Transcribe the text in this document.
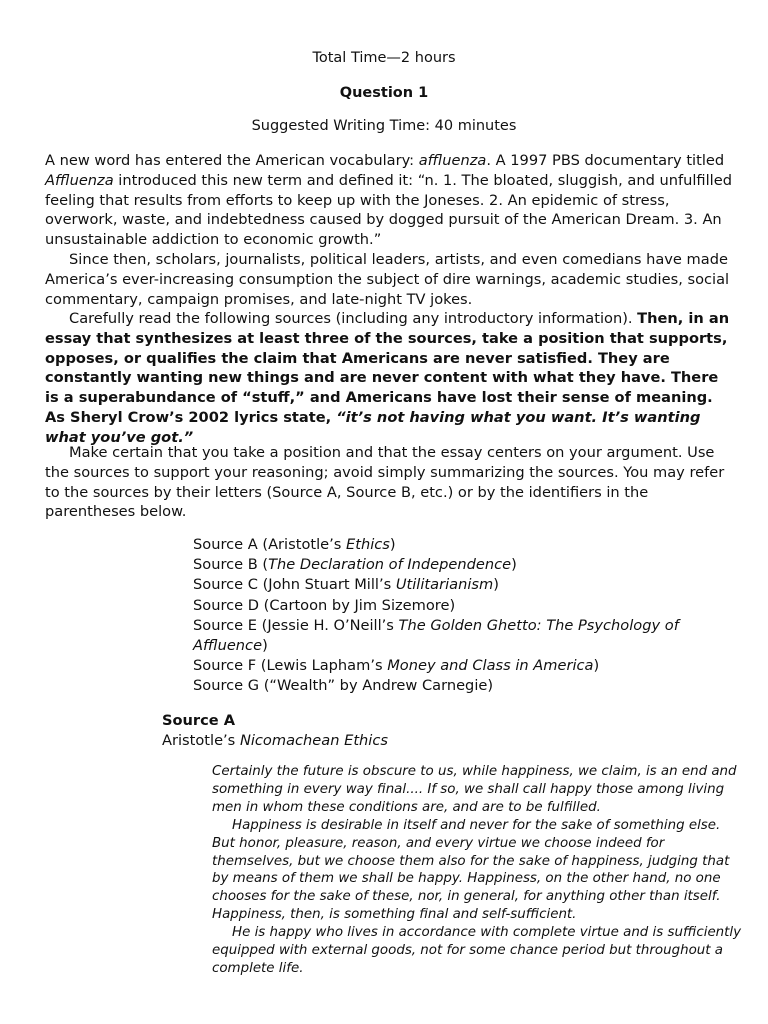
Total Time—2 hours
Question 1
Suggested Writing Time: 40 minutes

A new word has entered the American vocabulary: affluenza. A 1997 PBS documentary titled Affluenza introduced this new term and defined it: “n. 1. The bloated, sluggish, and unfulfilled feeling that results from efforts to keep up with the Joneses. 2. An epidemic of stress, overwork, waste, and indebtedness caused by dogged pursuit of the American Dream. 3. An unsustainable addiction to economic growth.”

Since then, scholars, journalists, political leaders, artists, and even comedians have made America’s ever-increasing consumption the subject of dire warnings, academic studies, social commentary, campaign promises, and late-night TV jokes.

Carefully read the following sources (including any introductory information). Then, in an essay that synthesizes at least three of the sources, take a position that supports, opposes, or qualifies the claim that Americans are never satisfied. They are constantly wanting new things and are never content with what they have. There is a superabundance of “stuff,” and Americans have lost their sense of meaning. As Sheryl Crow’s 2002 lyrics state, “it’s not having what you want. It’s wanting what you’ve got.”

Make certain that you take a position and that the essay centers on your argument. Use the sources to support your reasoning; avoid simply summarizing the sources. You may refer to the sources by their letters (Source A, Source B, etc.) or by the identifiers in the parentheses below.

Source A (Aristotle’s Ethics)

Source B (The Declaration of Independence)

Source C (John Stuart Mill’s Utilitarianism)

Source D (Cartoon by Jim Sizemore)

Source E (Jessie H. O’Neill’s The Golden Ghetto: The Psychology of Affluence)

Source F (Lewis Lapham’s Money and Class in America)

Source G (“Wealth” by Andrew Carnegie)

Source A
Aristotle’s Nicomachean Ethics

Certainly the future is obscure to us, while happiness, we claim, is an end and something in every way final.... If so, we shall call happy those among living men in whom these conditions are, and are to be fulfilled.

Happiness is desirable in itself and never for the sake of something else. But honor, pleasure, reason, and every virtue we choose indeed for themselves, but we choose them also for the sake of happiness, judging that by means of them we shall be happy. Happiness, on the other hand, no one chooses for the sake of these, nor, in general, for anything other than itself. Happiness, then, is something final and self-sufficient.

He is happy who lives in accordance with complete virtue and is sufficiently equipped with external goods, not for some chance period but throughout a complete life.
